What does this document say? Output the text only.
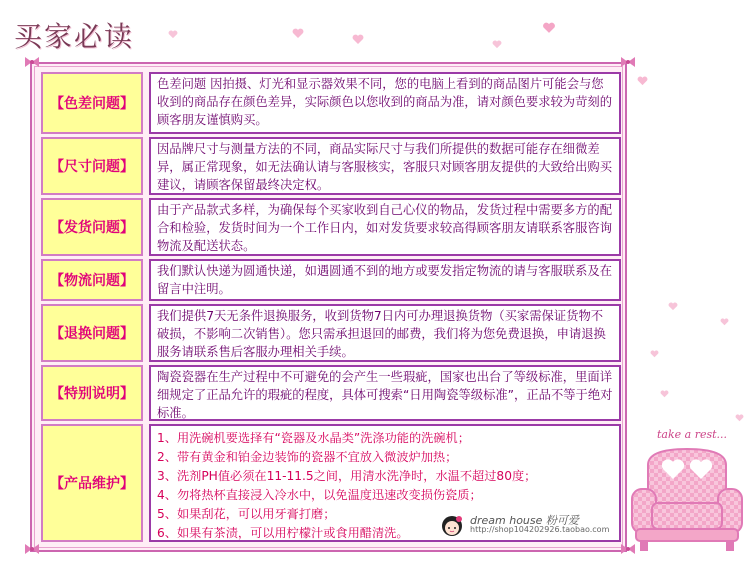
买家必读
【色差问题】
色差问题 因拍摄、灯光和显示器效果不同，您的电脑上看到的商品图片可能会与您收到的商品存在颜色差异，实际颜色以您收到的商品为准，请对颜色要求较为苛刻的顾客朋友谨慎购买。
【尺寸问题】
因品牌尺寸与测量方法的不同，商品实际尺寸与我们所提供的数据可能存在细微差异，属正常现象，如无法确认请与客服核实，客服只对顾客朋友提供的大致给出购买建议，请顾客保留最终决定权。
【发货问题】
由于产品款式多样，为确保每个买家收到自己心仪的物品，发货过程中需要多方的配合和检验，发货时间为一个工作日内，如对发货要求较高得顾客朋友请联系客服咨询物流及配送状态。
【物流问题】
我们默认快递为圆通快递，如遇圆通不到的地方或要发指定物流的请与客服联系及在留言中注明。
【退换问题】
我们提供7天无条件退换服务，收到货物7日内可办理退换货物（买家需保证货物不破损，不影响二次销售）。您只需承担退回的邮费，我们将为您免费退换，申请退换服务请联系售后客服办理相关手续。
【特别说明】
陶瓷瓷器在生产过程中不可避免的会产生一些瑕疵，国家也出台了等级标准，里面详细规定了正品允许的瑕疵的程度，具体可搜索“日用陶瓷等级标准”，正品不等于绝对标准。
【产品维护】
1、用洗碗机要选择有“瓷器及水晶类”洗涤功能的洗碗机；
2、带有黄金和铂金边装饰的瓷器不宜放入微波炉加热；
3、洗剂PH值必须在11-11.5之间，用清水洗净时，水温不超过80度；
4、勿将热杯直接浸入冷水中，以免温度迅速改变损伤瓷质；
5、如果刮花，可以用牙膏打磨；
6、如果有茶渍，可以用柠檬汁或食用醋清洗。
dream house 粉可爱
http://shop104202926.taobao.com
take a rest...
